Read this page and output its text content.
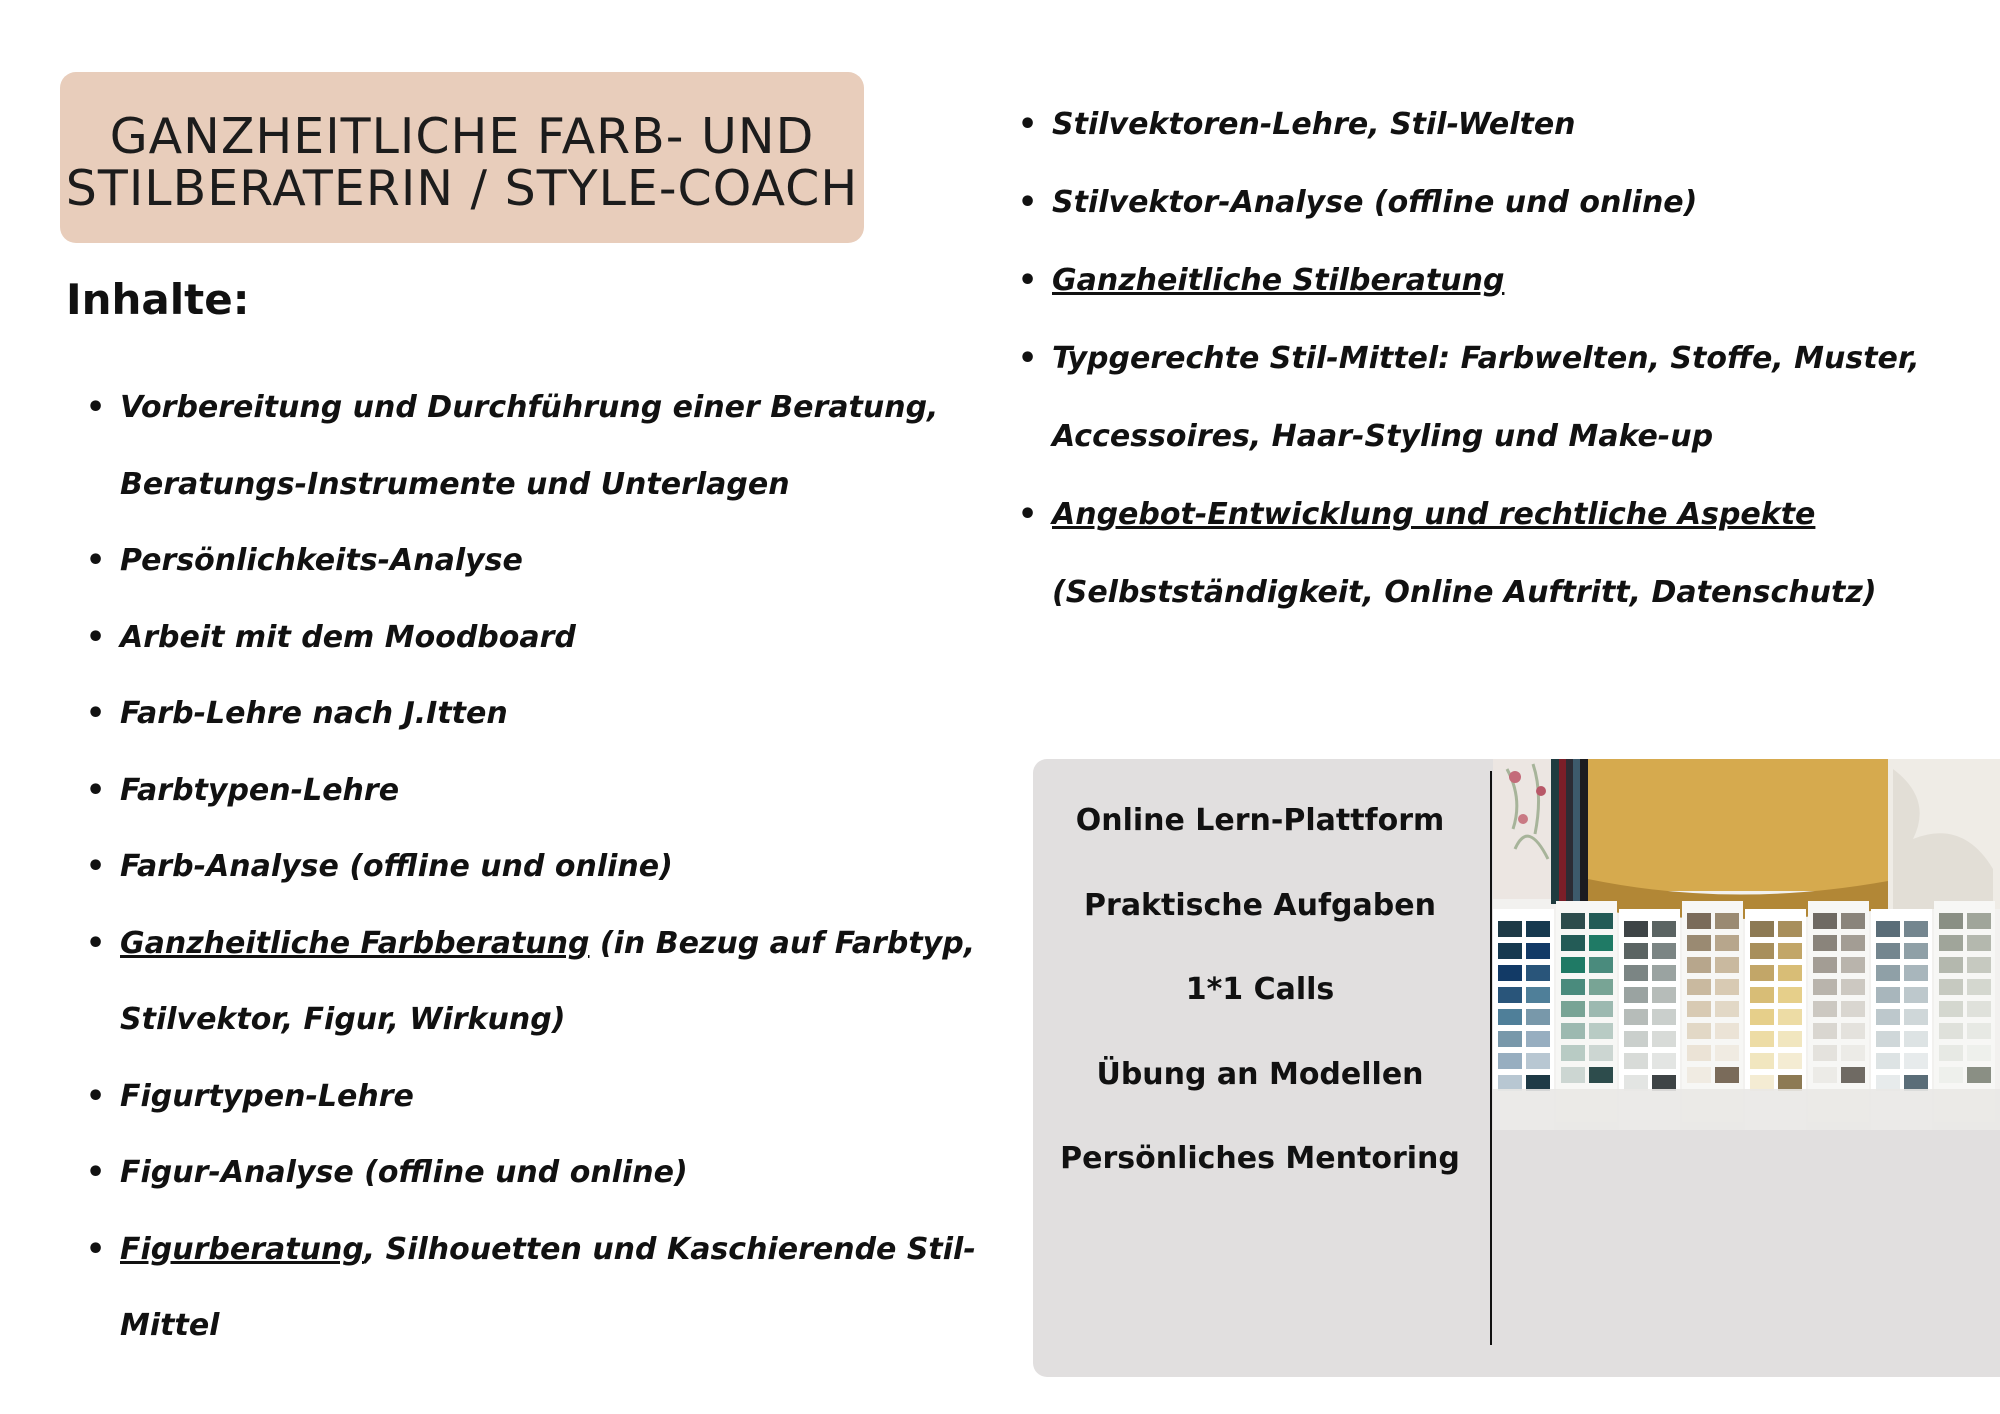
GANZHEITLICHE FARB- UND
STILBERATERIN / STYLE-COACH
Inhalte:
• Vorbereitung und Durchführung einer Beratung,
Beratungs-Instrumente und Unterlagen
• Persönlichkeits-Analyse
• Arbeit mit dem Moodboard
• Farb-Lehre nach J.Itten
• Farbtypen-Lehre
• Farb-Analyse (offline und online)
• Ganzheitliche Farbberatung (in Bezug auf Farbtyp,
Stilvektor, Figur, Wirkung)
• Figurtypen-Lehre
• Figur-Analyse (offline und online)
• Figurberatung, Silhouetten und Kaschierende Stil-
Mittel
• Stilvektoren-Lehre, Stil-Welten
• Stilvektor-Analyse (offline und online)
• Ganzheitliche Stilberatung
• Typgerechte Stil-Mittel: Farbwelten, Stoffe, Muster,
Accessoires, Haar-Styling und Make-up
• Angebot-Entwicklung und rechtliche Aspekte
(Selbstständigkeit, Online Auftritt, Datenschutz)
Online Lern-Plattform
Praktische Aufgaben
1*1 Calls
Übung an Modellen
Persönliches Mentoring
